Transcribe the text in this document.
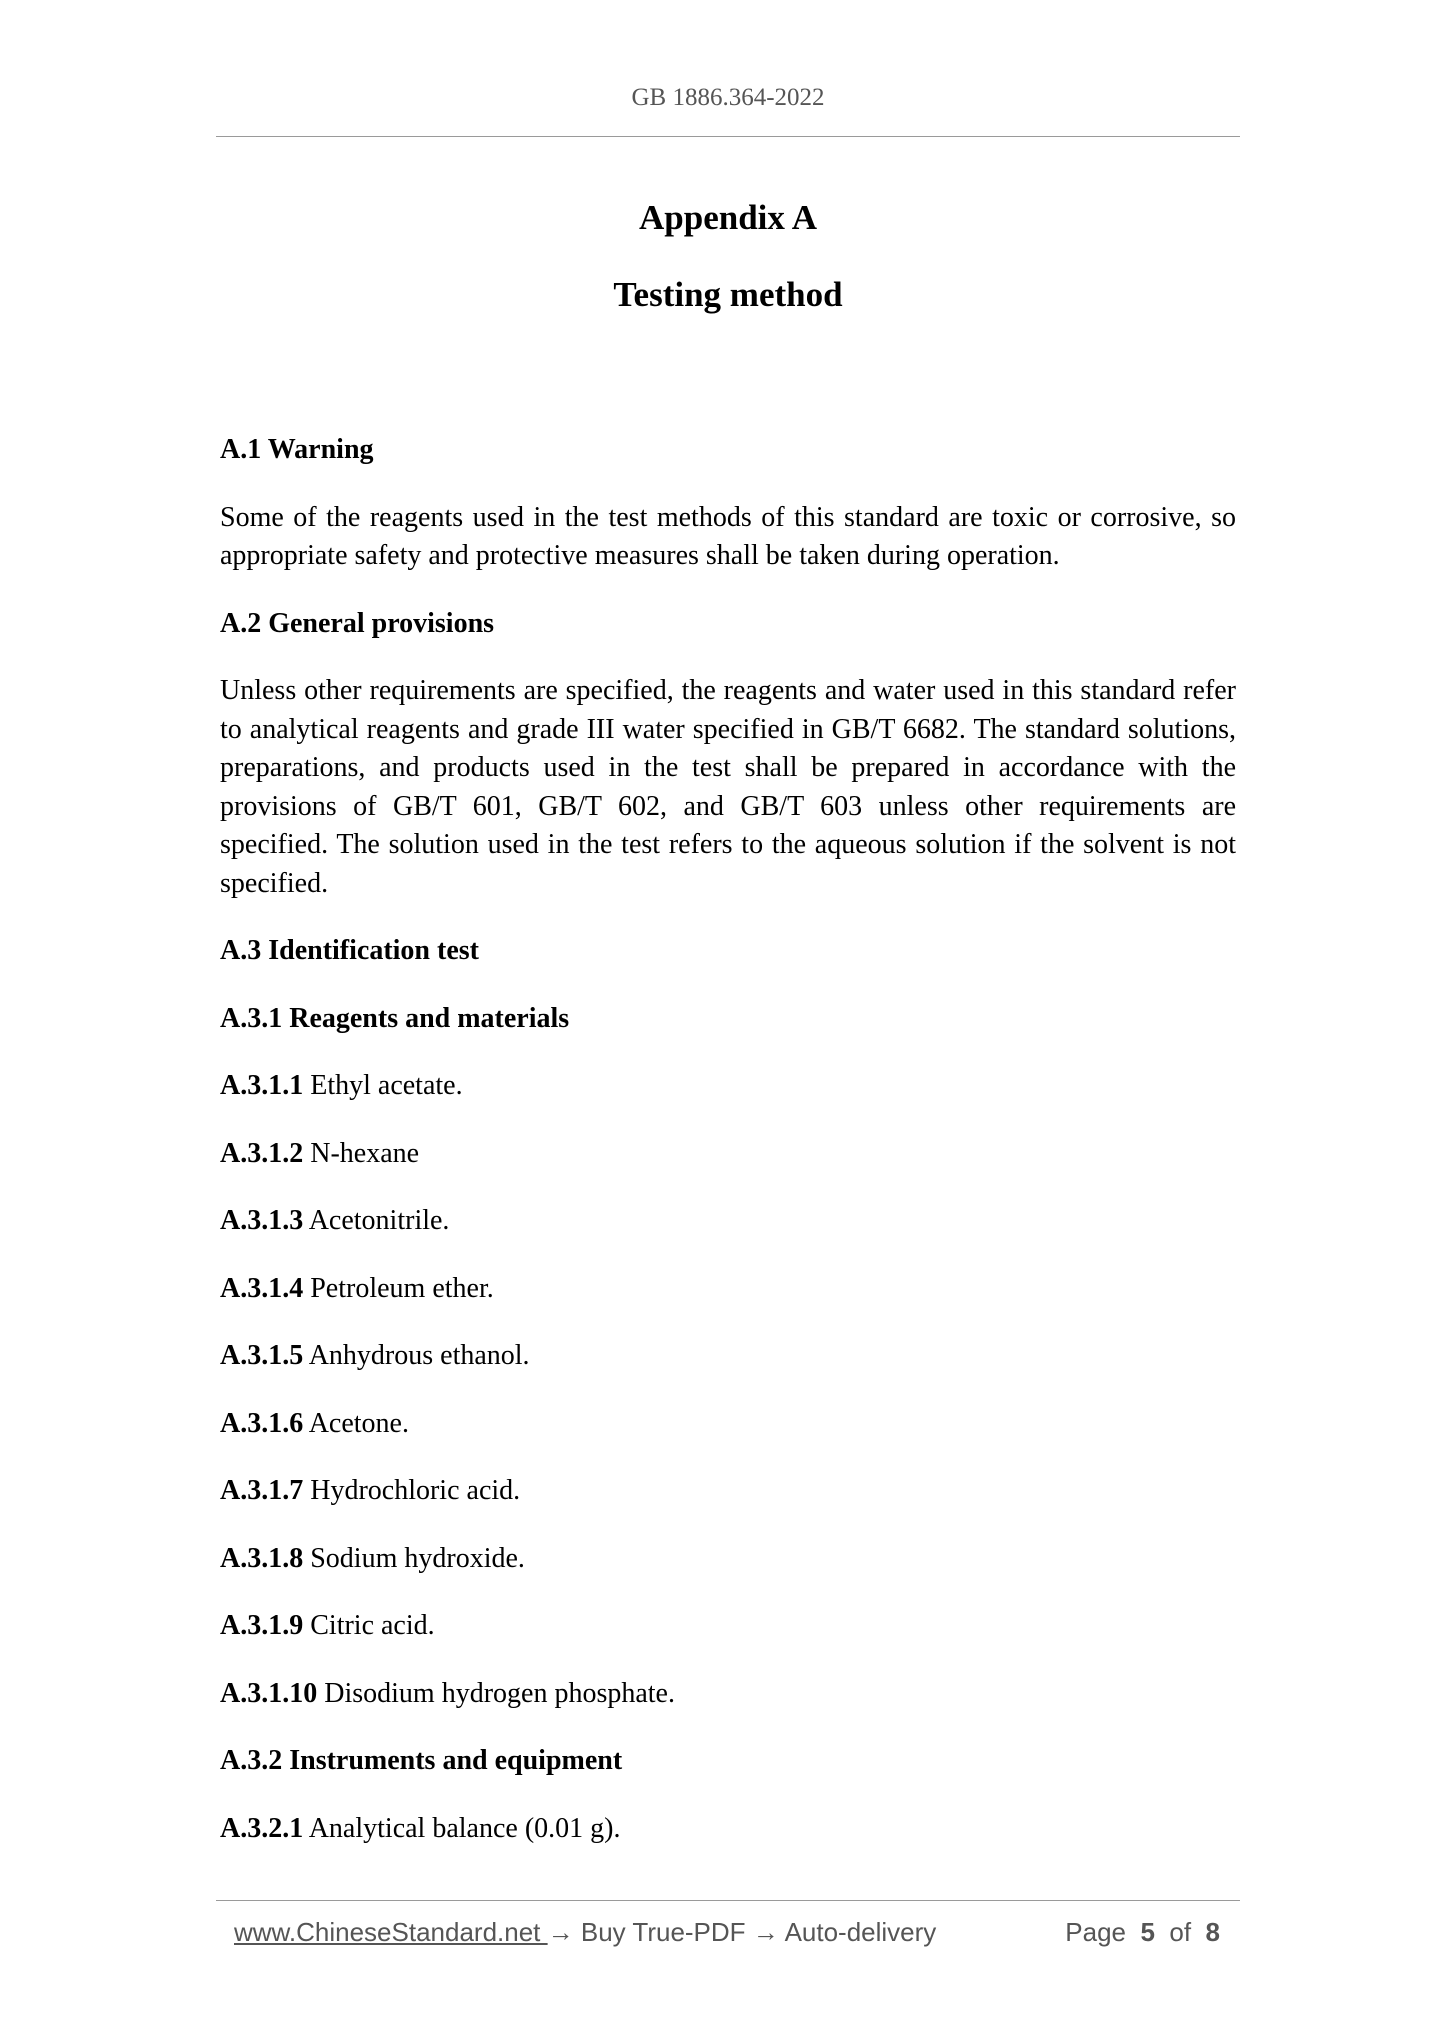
GB 1886.364-2022
Appendix A
Testing method

A.1 Warning

Some of the reagents used in the test methods of this standard are toxic or corrosive, so appropriate safety and protective measures shall be taken during operation.

A.2 General provisions

Unless other requirements are specified, the reagents and water used in this standard refer to analytical reagents and grade III water specified in GB/T 6682. The standard solutions, preparations, and products used in the test shall be prepared in accordance with the provisions of GB/T 601, GB/T 602, and GB/T 603 unless other requirements are specified. The solution used in the test refers to the aqueous solution if the solvent is not specified.

A.3 Identification test

A.3.1 Reagents and materials

A.3.1.1 Ethyl acetate.

A.3.1.2 N-hexane

A.3.1.3 Acetonitrile.

A.3.1.4 Petroleum ether.

A.3.1.5 Anhydrous ethanol.

A.3.1.6 Acetone.

A.3.1.7 Hydrochloric acid.

A.3.1.8 Sodium hydroxide.

A.3.1.9 Citric acid.

A.3.1.10 Disodium hydrogen phosphate.

A.3.2 Instruments and equipment

A.3.2.1 Analytical balance (0.01 g).

www.ChineseStandard.net → Buy True-PDF → Auto-delivery	Page 5 of 8
